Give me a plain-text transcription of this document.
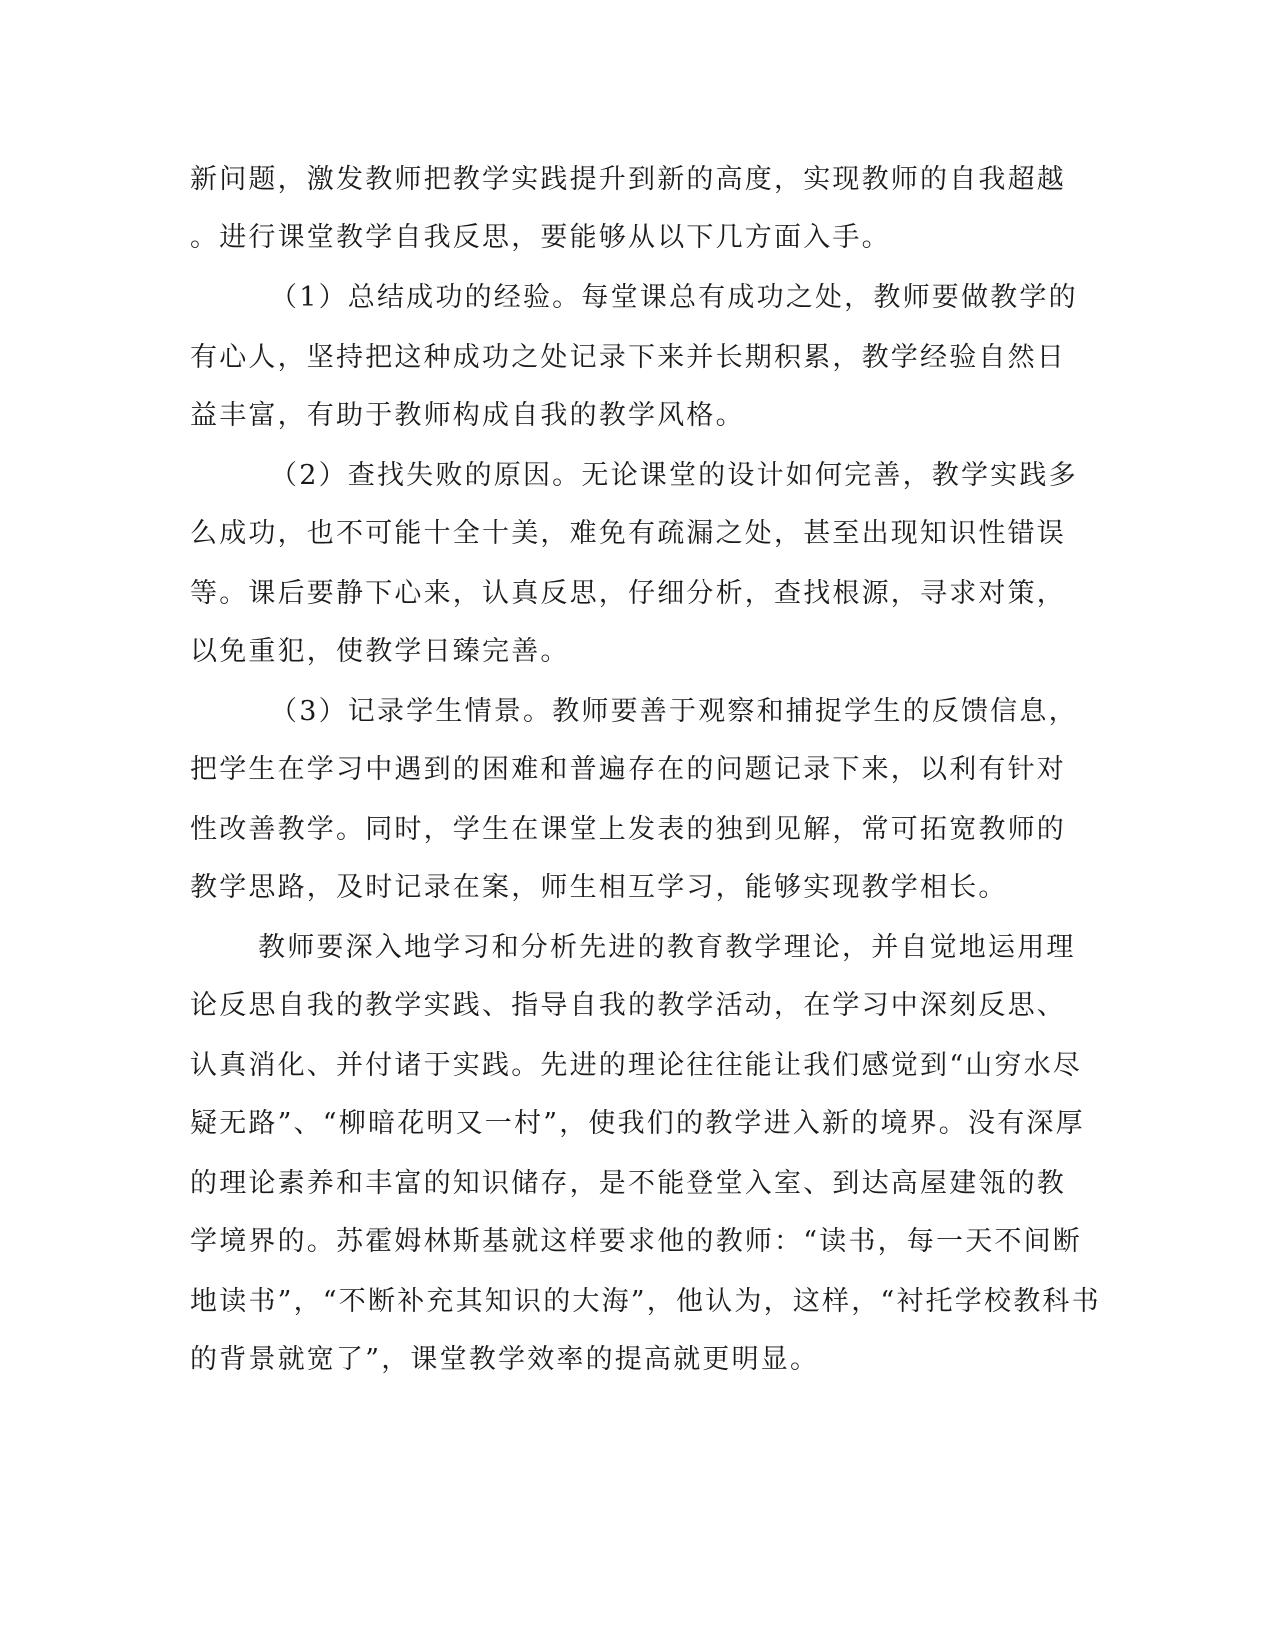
新问题，激发教师把教学实践提升到新的高度，实现教师的自我超越

。进行课堂教学自我反思，要能够从以下几方面入手。

（1）总结成功的经验。每堂课总有成功之处，教师要做教学的

有心人，坚持把这种成功之处记录下来并长期积累，教学经验自然日

益丰富，有助于教师构成自我的教学风格。

（2）查找失败的原因。无论课堂的设计如何完善，教学实践多

么成功，也不可能十全十美，难免有疏漏之处，甚至出现知识性错误

等。课后要静下心来，认真反思，仔细分析，查找根源，寻求对策，

以免重犯，使教学日臻完善。

（3）记录学生情景。教师要善于观察和捕捉学生的反馈信息，

把学生在学习中遇到的困难和普遍存在的问题记录下来，以利有针对

性改善教学。同时，学生在课堂上发表的独到见解，常可拓宽教师的

教学思路，及时记录在案，师生相互学习，能够实现教学相长。

教师要深入地学习和分析先进的教育教学理论，并自觉地运用理

论反思自我的教学实践、指导自我的教学活动，在学习中深刻反思、

认真消化、并付诸于实践。先进的理论往往能让我们感觉到“山穷水尽

疑无路”、“柳暗花明又一村”，使我们的教学进入新的境界。没有深厚

的理论素养和丰富的知识储存，是不能登堂入室、到达高屋建瓴的教

学境界的。苏霍姆林斯基就这样要求他的教师：“读书，每一天不间断

地读书”，“不断补充其知识的大海”，他认为，这样，“衬托学校教科书

的背景就宽了”，课堂教学效率的提高就更明显。
